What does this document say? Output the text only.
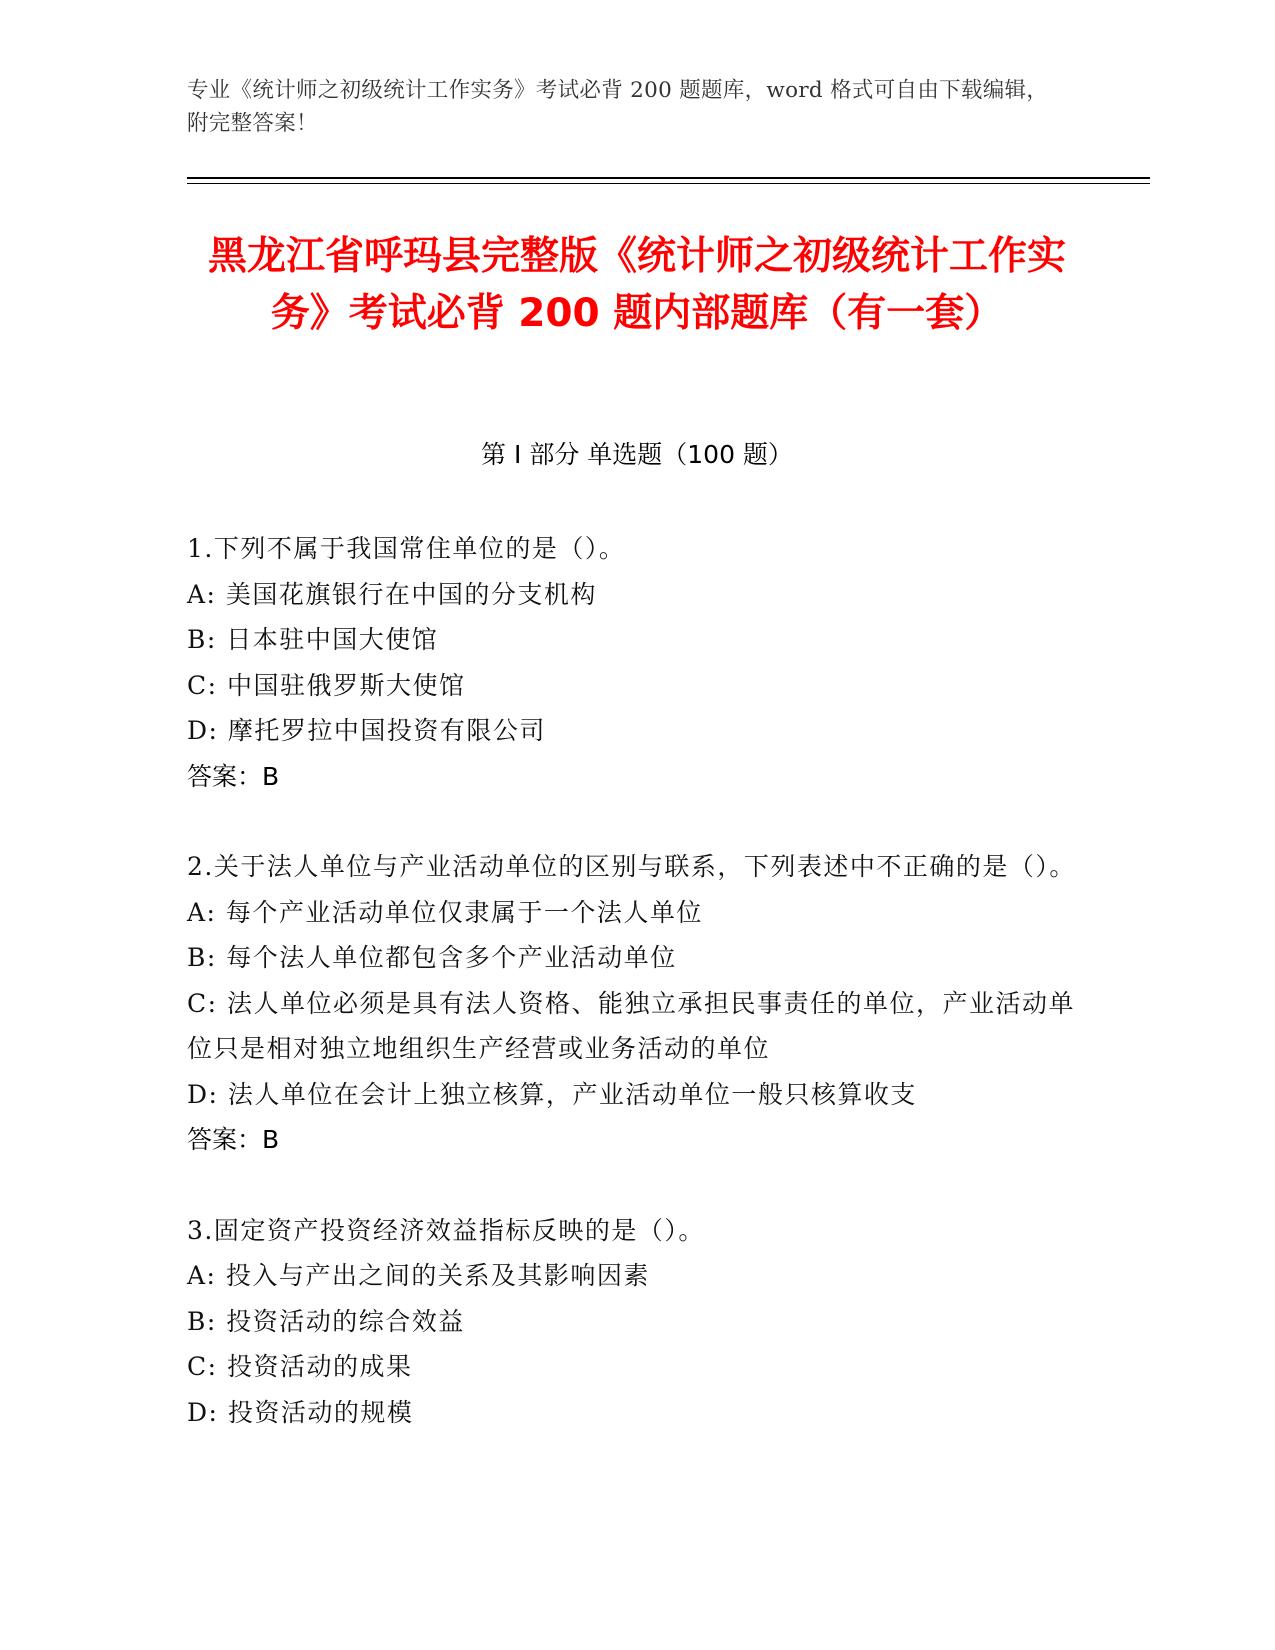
专业《统计师之初级统计工作实务》考试必背 200 题题库，word 格式可自由下载编辑，附完整答案！
黑龙江省呼玛县完整版《统计师之初级统计工作实务》考试必背 200 题内部题库（有一套）
第 I 部分 单选题（100 题）
1.下列不属于我国常住单位的是（）。
A: 美国花旗银行在中国的分支机构
B: 日本驻中国大使馆
C: 中国驻俄罗斯大使馆
D: 摩托罗拉中国投资有限公司
答案：B
2.关于法人单位与产业活动单位的区别与联系，下列表述中不正确的是（）。
A: 每个产业活动单位仅隶属于一个法人单位
B: 每个法人单位都包含多个产业活动单位
C: 法人单位必须是具有法人资格、能独立承担民事责任的单位，产业活动单位只是相对独立地组织生产经营或业务活动的单位
D: 法人单位在会计上独立核算，产业活动单位一般只核算收支
答案：B
3.固定资产投资经济效益指标反映的是（）。
A: 投入与产出之间的关系及其影响因素
B: 投资活动的综合效益
C: 投资活动的成果
D: 投资活动的规模
